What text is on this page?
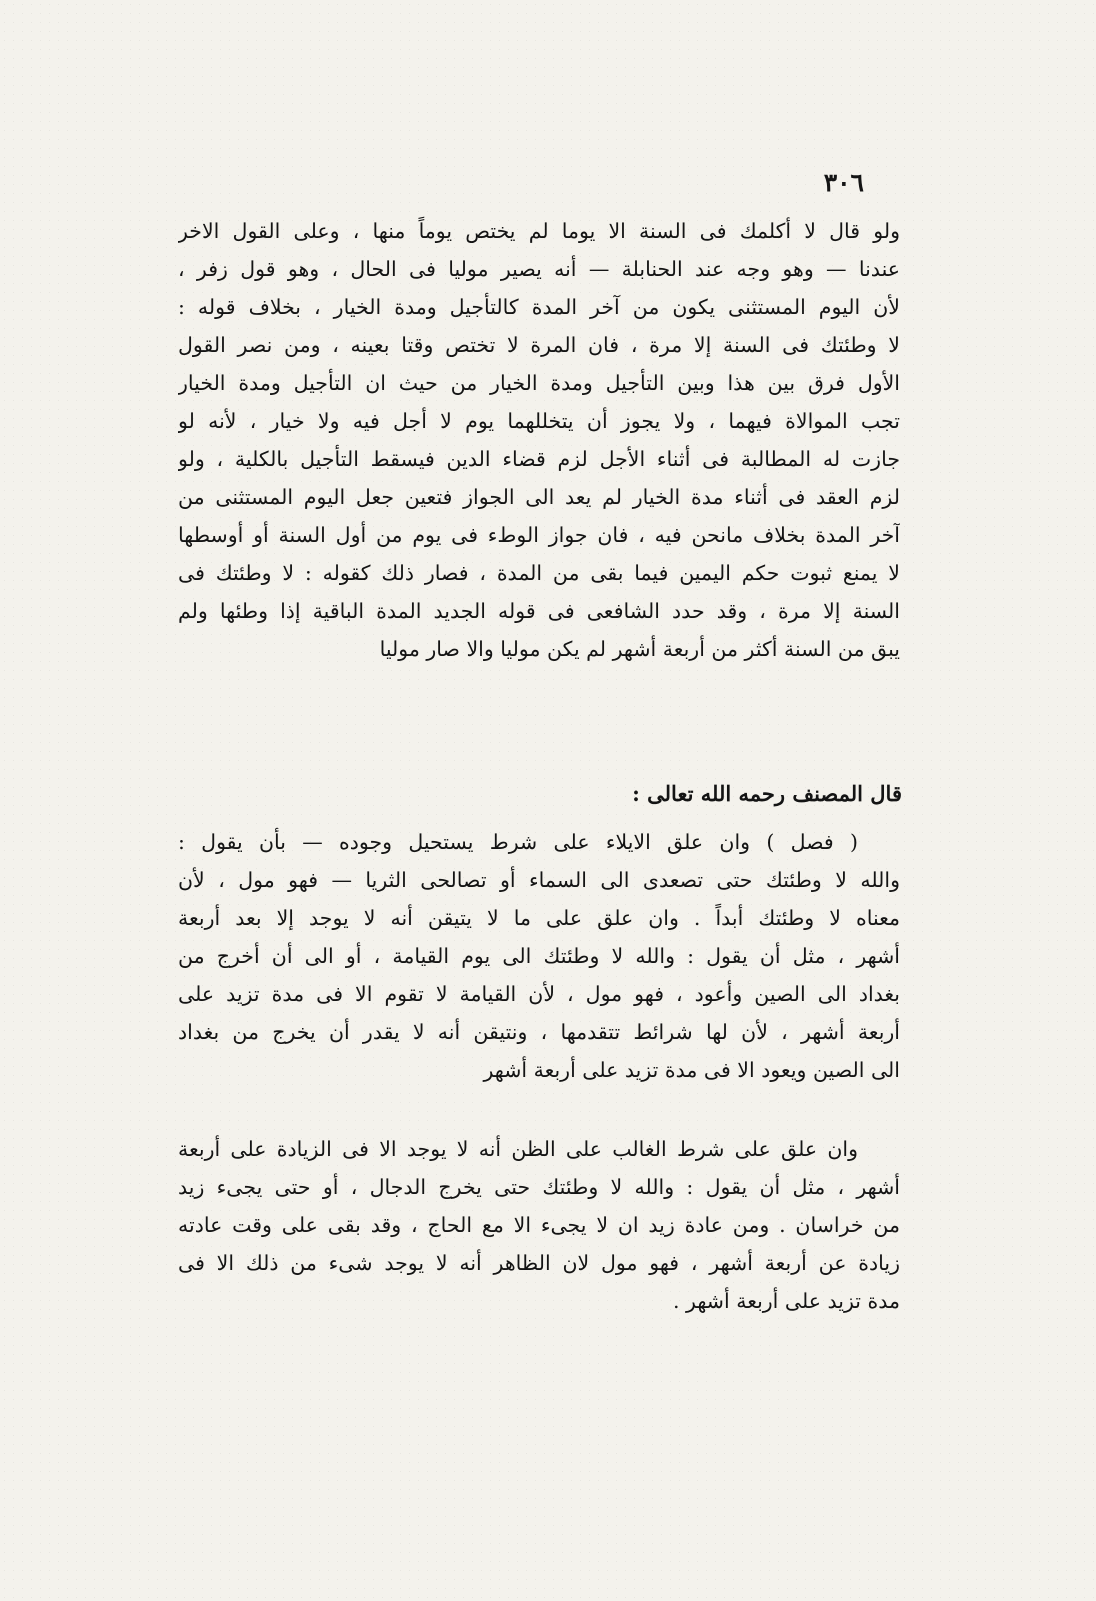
٣٠٦
ولو قال لا أكلمك فى السنة الا يوما لم يختص يوماً منها ، وعلى القول الاخر
عندنا — وهو وجه عند الحنابلة — أنه يصير موليا فى الحال ، وهو قول زفر ،
لأن اليوم المستثنى يكون من آخر المدة كالتأجيل ومدة الخيار ، بخلاف قوله :
لا وطئتك فى السنة إلا مرة ، فان المرة لا تختص وقتا بعينه ، ومن نصر القول
الأول فرق بين هذا وبين التأجيل ومدة الخيار من حيث ان التأجيل ومدة الخيار
تجب الموالاة فيهما ، ولا يجوز أن يتخللهما يوم لا أجل فيه ولا خيار ، لأنه لو
جازت له المطالبة فى أثناء الأجل لزم قضاء الدين فيسقط التأجيل بالكلية ، ولو
لزم العقد فى أثناء مدة الخيار لم يعد الى الجواز فتعين جعل اليوم المستثنى من
آخر المدة بخلاف مانحن فيه ، فان جواز الوطء فى يوم من أول السنة أو أوسطها
لا يمنع ثبوت حكم اليمين فيما بقى من المدة ، فصار ذلك كقوله : لا وطئتك فى
السنة إلا مرة ، وقد حدد الشافعى فى قوله الجديد المدة الباقية إذا وطئها ولم
يبق من السنة أكثر من أربعة أشهر لم يكن موليا والا صار موليا
قال المصنف رحمه الله تعالى :
( فصل ) وان علق الايلاء على شرط يستحيل وجوده — بأن يقول :
والله لا وطئتك حتى تصعدى الى السماء أو تصالحى الثريا — فهو مول ، لأن
معناه لا وطئتك أبداً . وان علق على ما لا يتيقن أنه لا يوجد إلا بعد أربعة
أشهر ، مثل أن يقول : والله لا وطئتك الى يوم القيامة ، أو الى أن أخرج من
بغداد الى الصين وأعود ، فهو مول ، لأن القيامة لا تقوم الا فى مدة تزيد على
أربعة أشهر ، لأن لها شرائط تتقدمها ، ونتيقن أنه لا يقدر أن يخرج من بغداد
الى الصين ويعود الا فى مدة تزيد على أربعة أشهر
وان علق على شرط الغالب على الظن أنه لا يوجد الا فى الزيادة على أربعة
أشهر ، مثل أن يقول : والله لا وطئتك حتى يخرج الدجال ، أو حتى يجىء زيد
من خراسان . ومن عادة زيد ان لا يجىء الا مع الحاج ، وقد بقى على وقت عادته
زيادة عن أربعة أشهر ، فهو مول لان الظاهر أنه لا يوجد شىء من ذلك الا فى
مدة تزيد على أربعة أشهر .
